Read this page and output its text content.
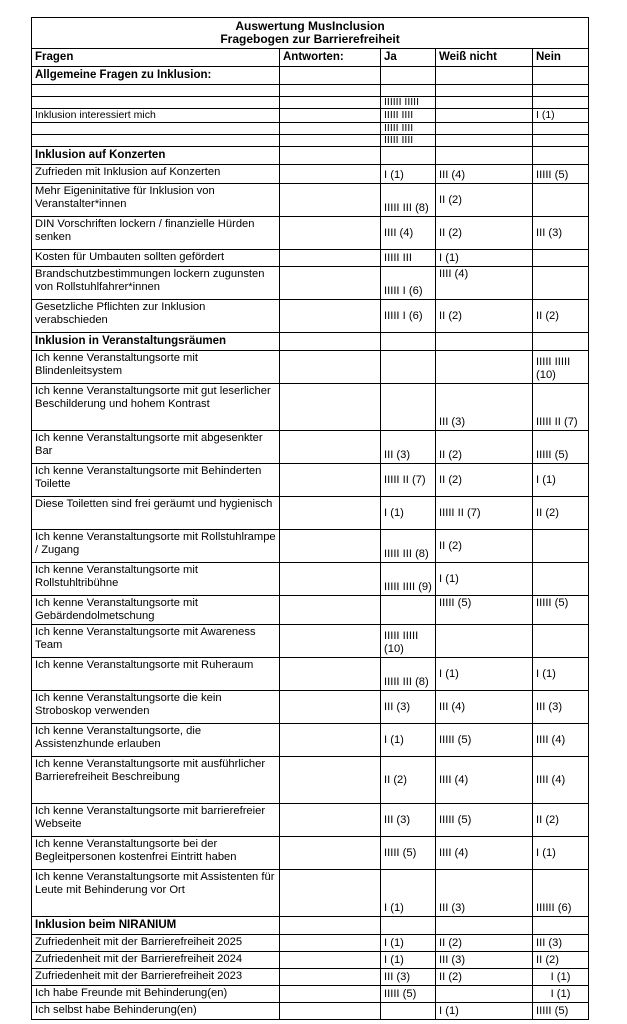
Auswertung MusInclusion
Fragebogen zur Barrierefreiheit				

Fragen	Antworten:	Ja	Weiß nicht	Nein
Allgemeine Fragen zu Inklusion:				

		IIIIII IIIII		
Inklusion interessiert mich		IIIII IIII		I (1)
		IIIII IIII		
		IIIII IIII		
Inklusion auf Konzerten				
Zufrieden mit Inklusion auf Konzerten		I (1)	III (4)	IIIII (5)
Mehr Eigeninitative für Inklusion von Veranstalter*innen		IIIII III (8)	II (2)	
DIN Vorschriften lockern / finanzielle Hürden senken		IIII (4)	II (2)	III (3)
Kosten für Umbauten sollten gefördert		IIIII III	I (1)	
Brandschutzbestimmungen lockern zugunsten von Rollstuhlfahrer*innen		IIIII I (6)	IIII (4)	
Gesetzliche Pflichten zur Inklusion verabschieden		IIIII I (6)	II (2)	II (2)
Inklusion in Veranstaltungsräumen				
Ich kenne Veranstaltungsorte mit Blindenleitsystem				IIIII IIIII (10)
Ich kenne Veranstaltungsorte mit gut leserlicher Beschilderung und hohem Kontrast			III (3)	IIIII II (7)
Ich kenne Veranstaltungsorte mit abgesenkter Bar		III (3)	II (2)	IIIII (5)
Ich kenne Veranstaltungsorte mit Behinderten Toilette		IIIII II (7)	II (2)	I (1)
Diese Toiletten sind frei geräumt und hygienisch		I (1)	IIIII II (7)	II (2)
Ich kenne Veranstaltungsorte mit Rollstuhlrampe / Zugang		IIIII III (8)	II (2)	
Ich kenne Veranstaltungsorte mit Rollstuhltribühne		IIIII IIII (9)	I (1)	
Ich kenne Veranstaltungsorte mit Gebärdendolmetschung			IIIII (5)	IIIII (5)
Ich kenne Veranstaltungsorte mit Awareness Team		IIIII IIIII (10)		
Ich kenne Veranstaltungsorte mit Ruheraum		IIIII III (8)	I (1)	I (1)
Ich kenne Veranstaltungsorte die kein Stroboskop verwenden		III (3)	III (4)	III (3)
Ich kenne Veranstaltungsorte, die Assistenzhunde erlauben		I (1)	IIIII (5)	IIII (4)
Ich kenne Veranstaltungsorte mit ausführlicher Barrierefreiheit Beschreibung		II (2)	IIII (4)	IIII (4)
Ich kenne Veranstaltungsorte mit barrierefreier Webseite		III (3)	IIIII (5)	II (2)
Ich kenne Veranstaltungsorte bei der Begleitpersonen kostenfrei Eintritt haben		IIIII (5)	IIII (4)	I (1)
Ich kenne Veranstaltungsorte mit Assistenten für Leute mit Behinderung vor Ort		I (1)	III (3)	IIIIII (6)
Inklusion beim NIRANIUM				
Zufriedenheit mit der Barrierefreiheit 2025		I (1)	II (2)	III (3)
Zufriedenheit mit der Barrierefreiheit 2024		I (1)	III (3)	II (2)
Zufriedenheit mit der Barrierefreiheit 2023		III (3)	II (2)	I (1)
Ich habe Freunde mit Behinderung(en)		IIIII (5)		I (1)
Ich selbst habe Behinderung(en)			I (1)	IIIII (5)
